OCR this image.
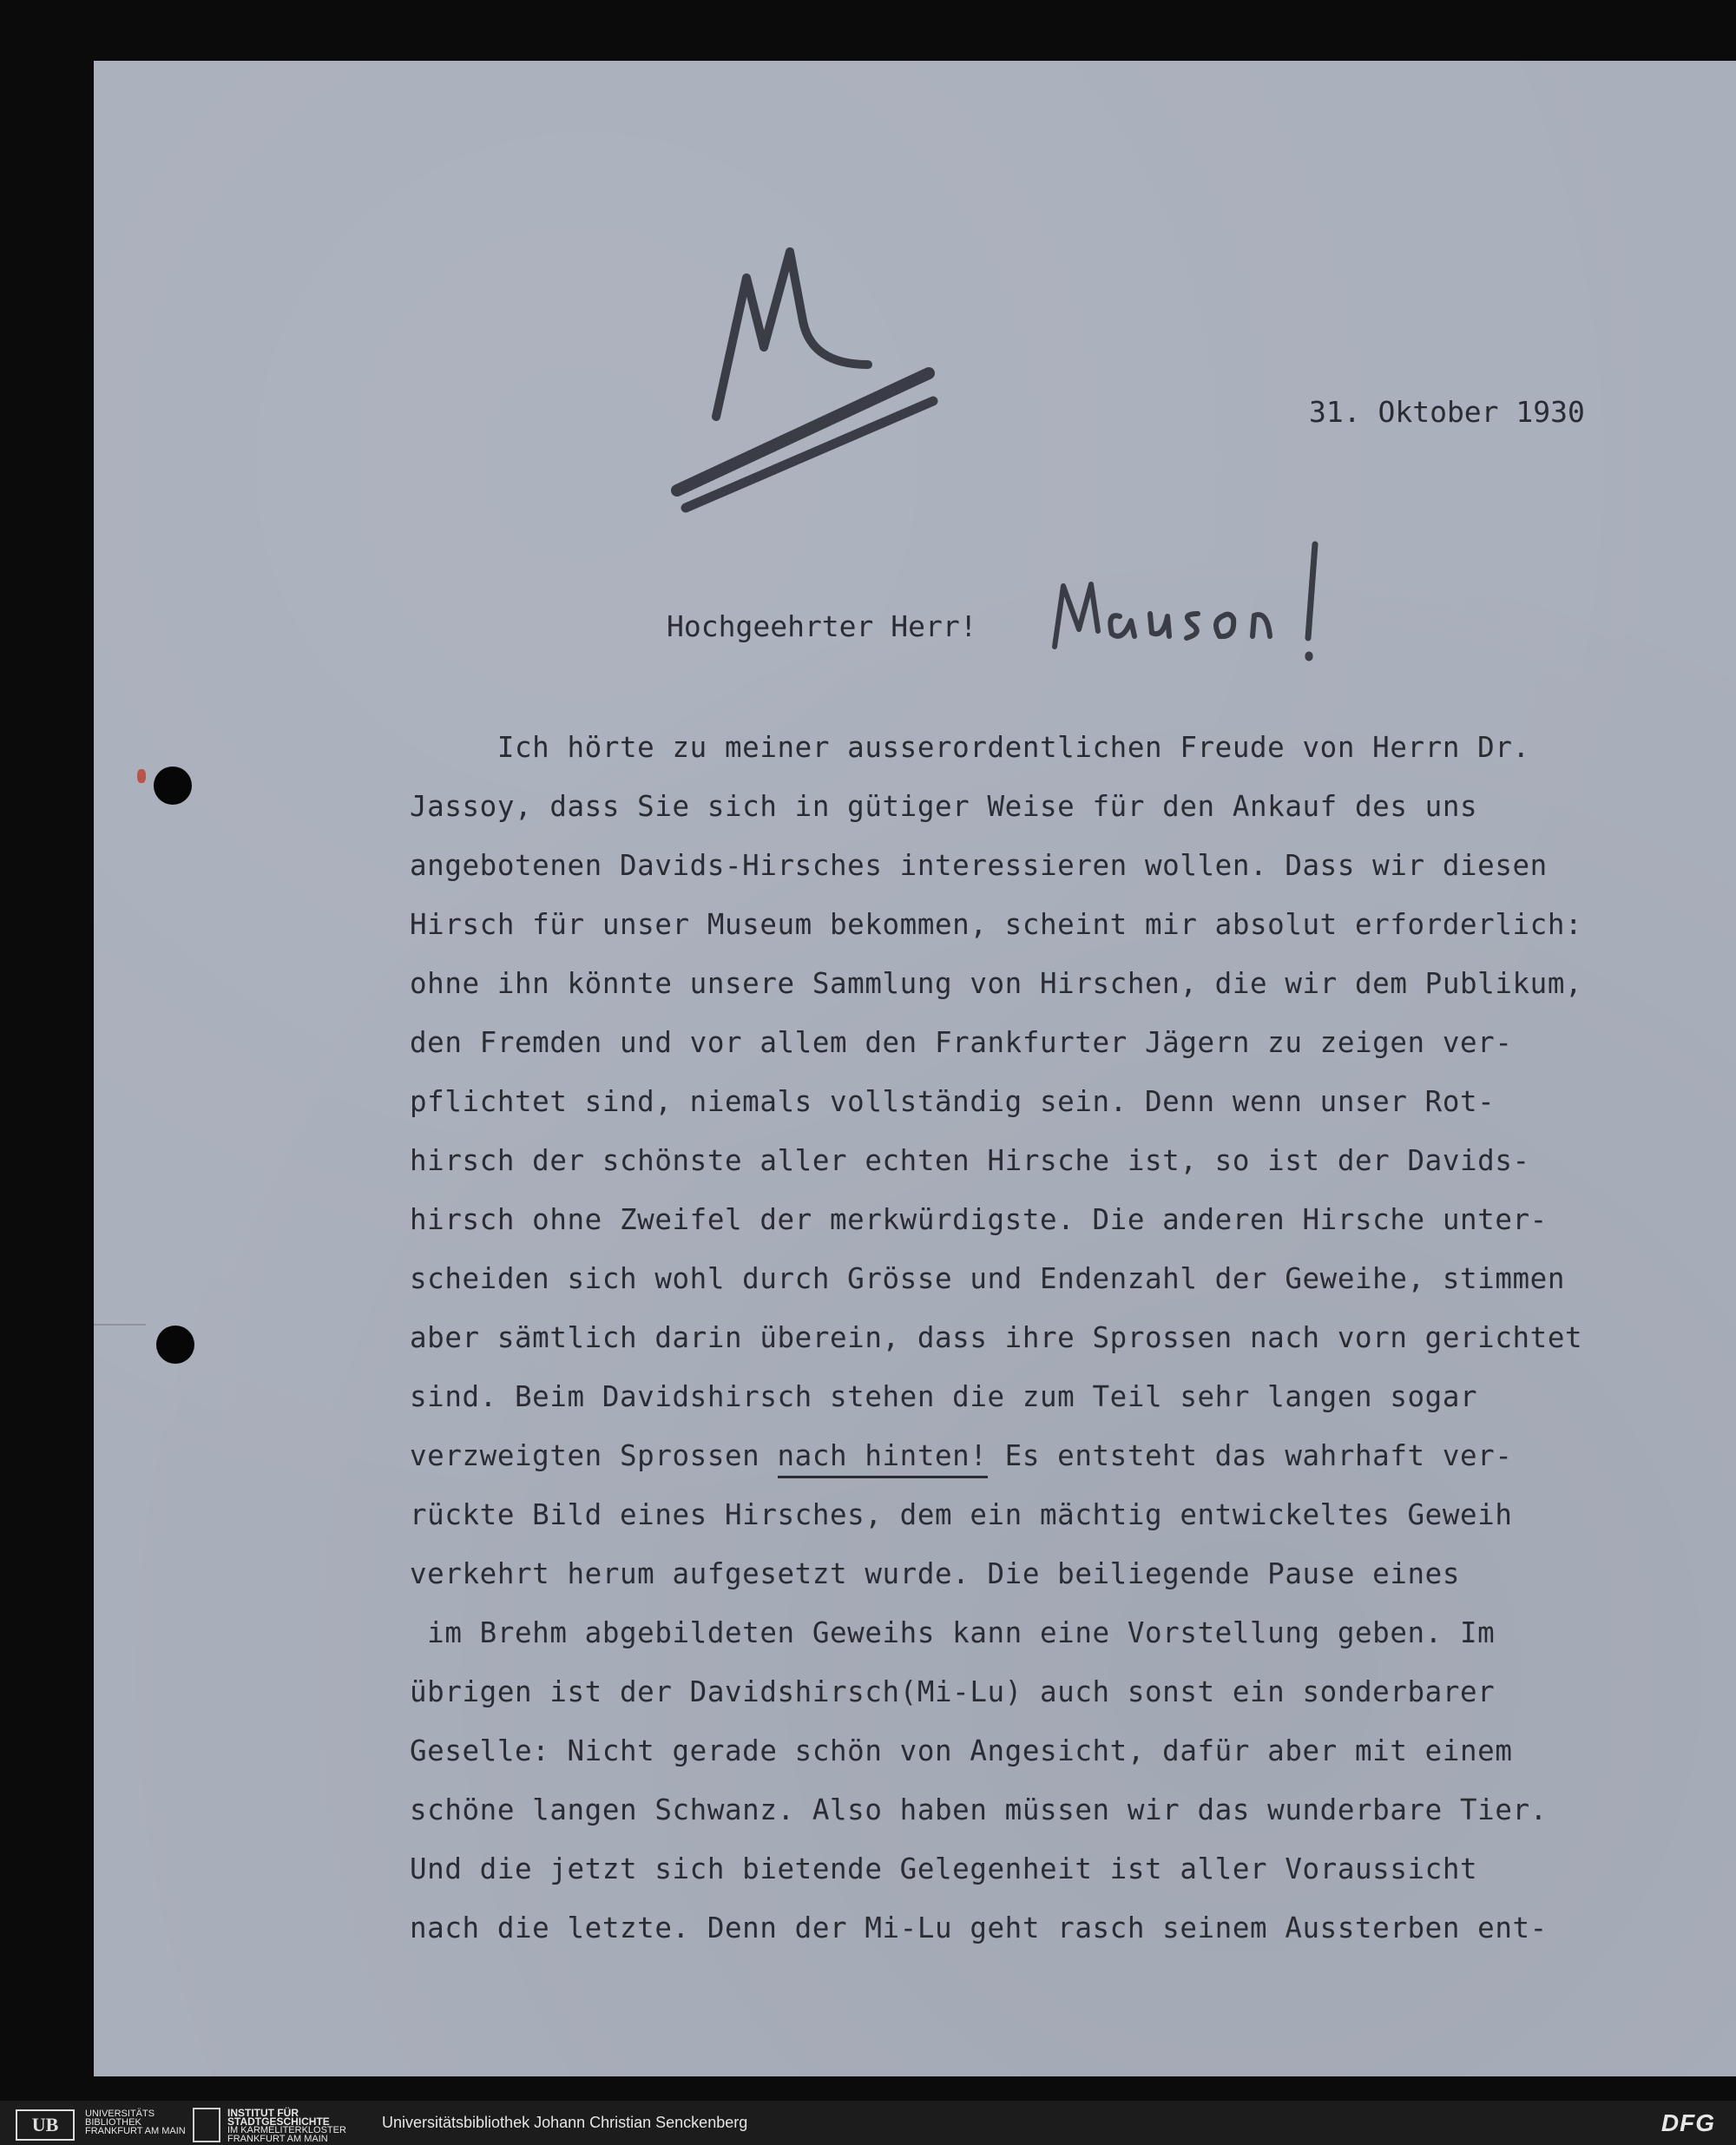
31. Oktober 1930
Hochgeehrter Herr!
Ich hörte zu meiner ausserordentlichen Freude von Herrn Dr.
Jassoy, dass Sie sich in gütiger Weise für den Ankauf des uns
angebotenen Davids-Hirsches interessieren wollen. Dass wir diesen
Hirsch für unser Museum bekommen, scheint mir absolut erforderlich:
ohne ihn könnte unsere Sammlung von Hirschen, die wir dem Publikum,
den Fremden und vor allem den Frankfurter Jägern zu zeigen ver-
pflichtet sind, niemals vollständig sein. Denn wenn unser Rot-
hirsch der schönste aller echten Hirsche ist, so ist der Davids-
hirsch ohne Zweifel der merkwürdigste. Die anderen Hirsche unter-
scheiden sich wohl durch Grösse und Endenzahl der Geweihe, stimmen
aber sämtlich darin überein, dass ihre Sprossen nach vorn gerichtet
sind. Beim Davidshirsch stehen die zum Teil sehr langen sogar
verzweigten Sprossen nach hinten! Es entsteht das wahrhaft ver-
rückte Bild eines Hirsches, dem ein mächtig entwickeltes Geweih
verkehrt herum aufgesetzt wurde. Die beiliegende Pause eines
im Brehm abgebildeten Geweihs kann eine Vorstellung geben. Im
übrigen ist der Davidshirsch(Mi-Lu) auch sonst ein sonderbarer
Geselle: Nicht gerade schön von Angesicht, dafür aber mit einem
schöne langen Schwanz. Also haben müssen wir das wunderbare Tier.
Und die jetzt sich bietende Gelegenheit ist aller Voraussicht
nach die letzte. Denn der Mi-Lu geht rasch seinem Aussterben ent-
UB	UNIVERSITÄTS
BIBLIOTHEK
FRANKFURT AM MAIN
INSTITUT FÜR
STADTGESCHICHTE
IM KARMELITERKLOSTER
FRANKFURT AM MAIN
Universitätsbibliothek Johann Christian Senckenberg	DFG
